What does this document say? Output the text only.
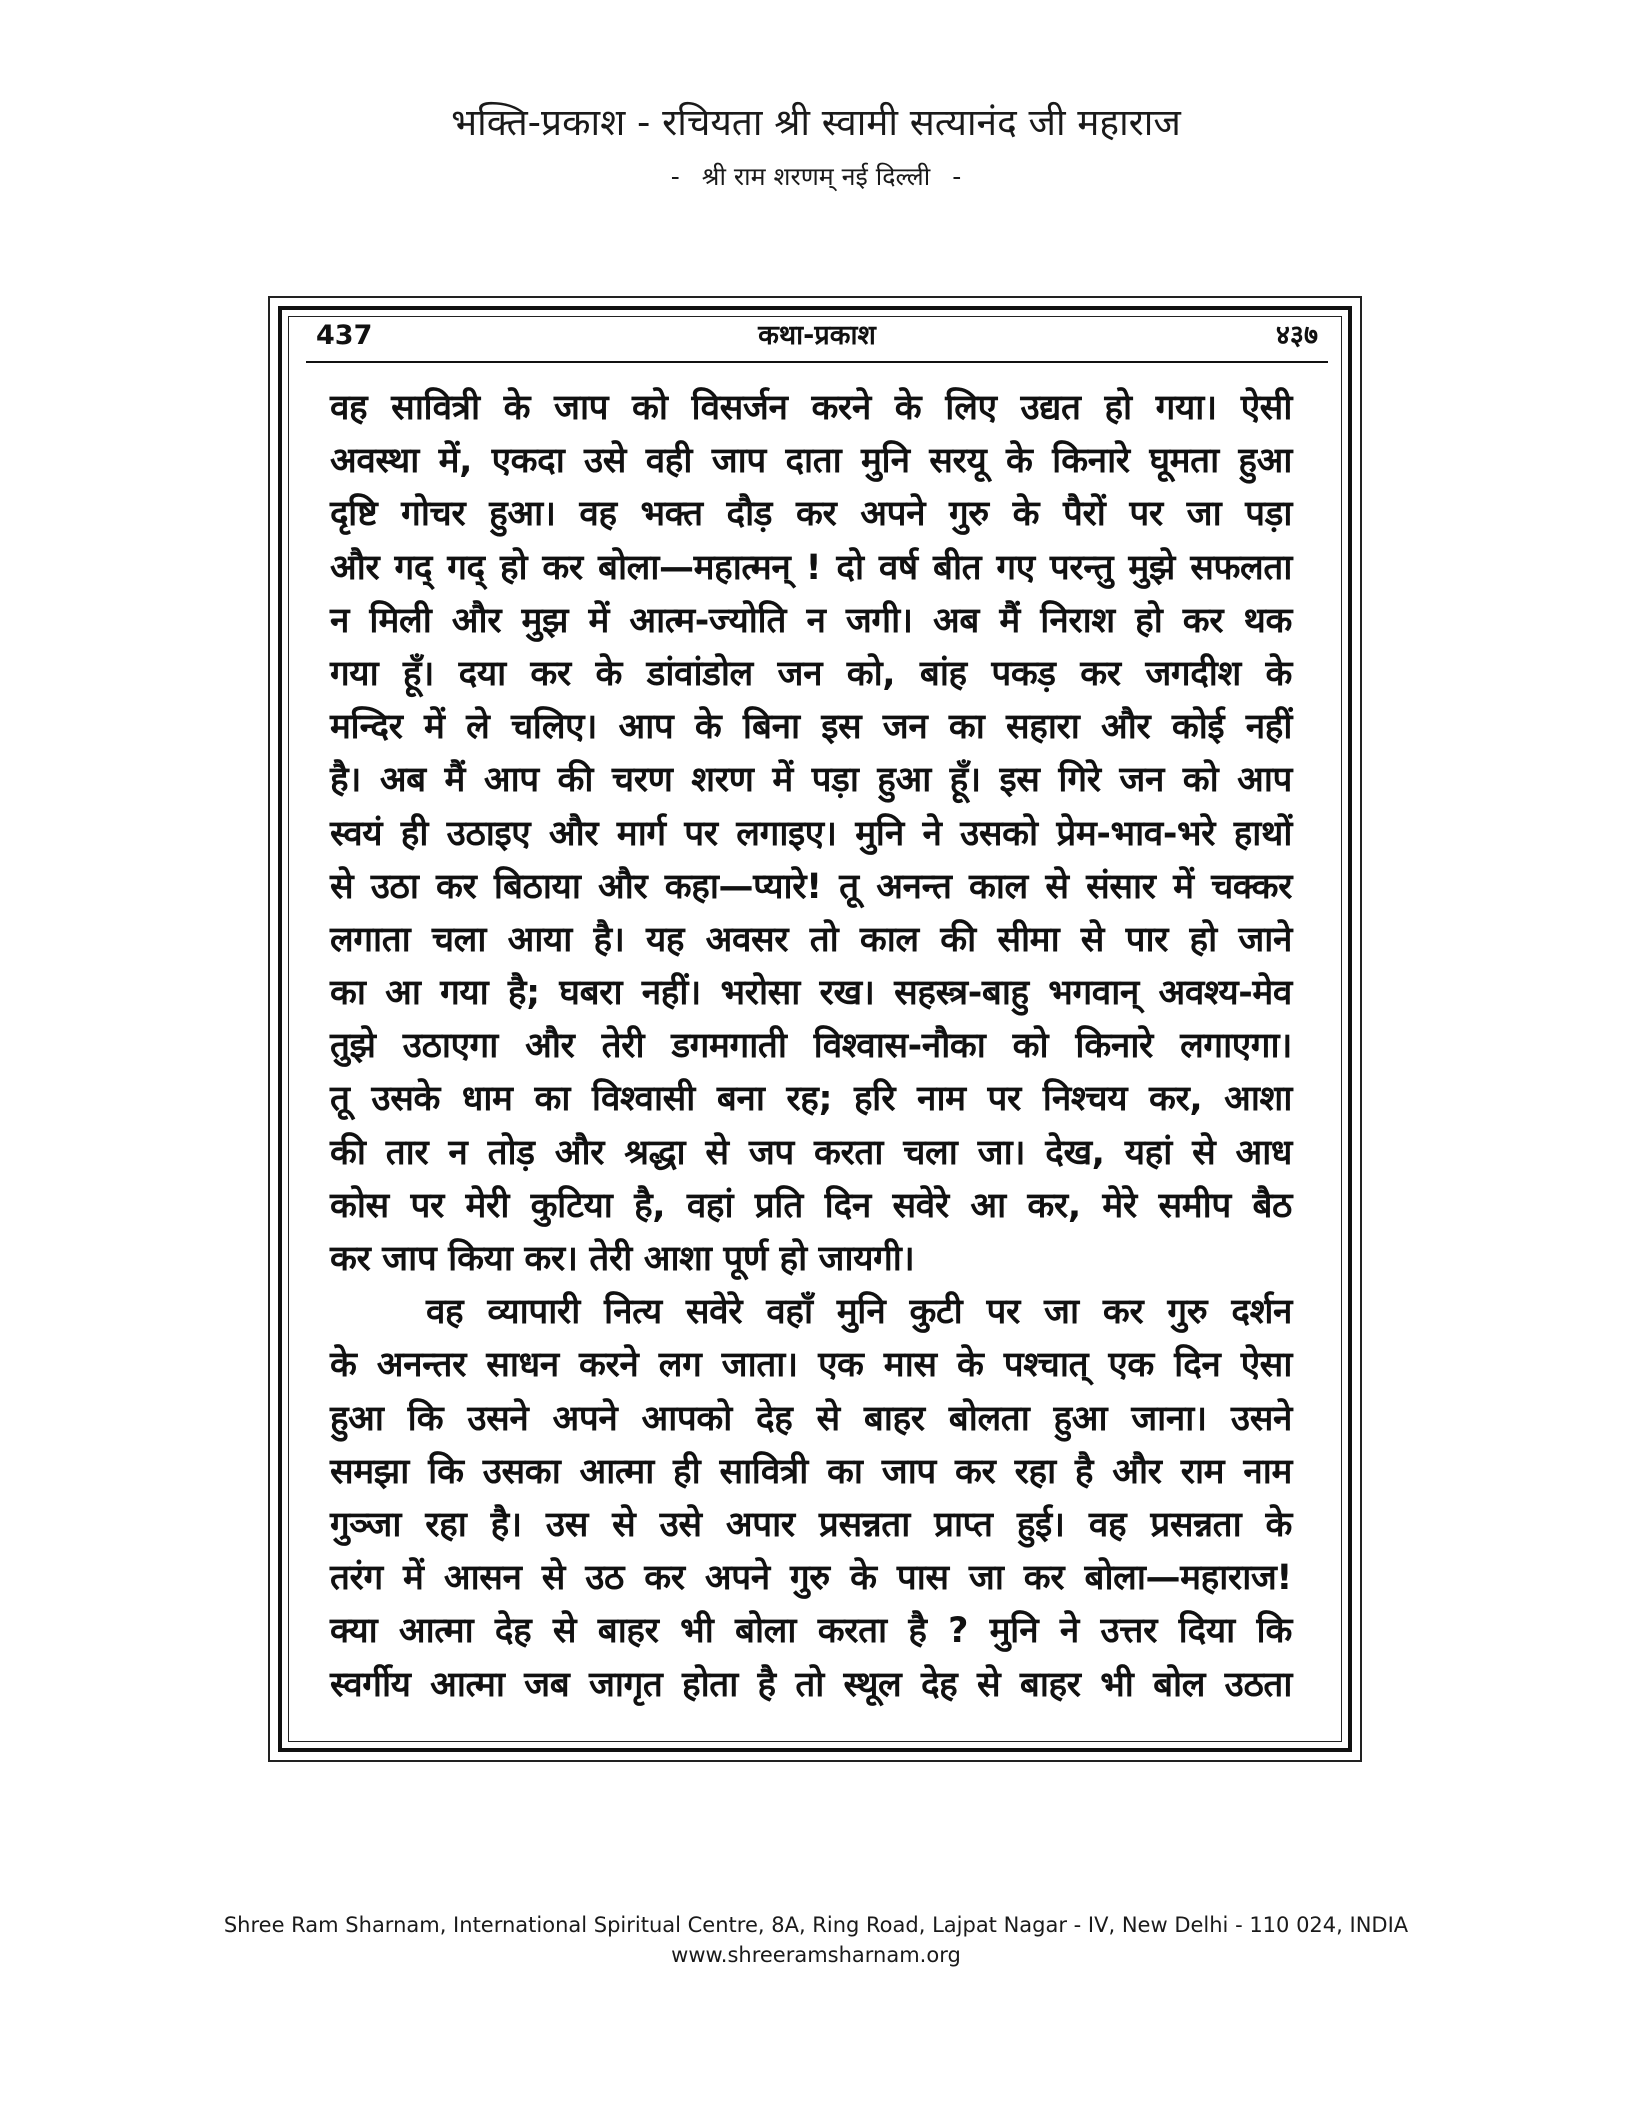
भक्ति-प्रकाश - रचियता श्री स्वामी सत्यानंद जी महाराज
- श्री राम शरणम् नई दिल्ली -
437	कथा-प्रकाश	४३७
वह सावित्री के जाप को विसर्जन करने के लिए उद्यत हो गया। ऐसी
अवस्था में, एकदा उसे वही जाप दाता मुनि सरयू के किनारे घूमता हुआ
दृष्टि गोचर हुआ। वह भक्त दौड़ कर अपने गुरु के पैरों पर जा पड़ा
और गद् गद् हो कर बोला—महात्मन् ! दो वर्ष बीत गए परन्तु मुझे सफलता
न मिली और मुझ में आत्म-ज्योति न जगी। अब मैं निराश हो कर थक
गया हूँ। दया कर के डांवांडोल जन को, बांह पकड़ कर जगदीश के
मन्दिर में ले चलिए। आप के बिना इस जन का सहारा और कोई नहीं
है। अब मैं आप की चरण शरण में पड़ा हुआ हूँ। इस गिरे जन को आप
स्वयं ही उठाइए और मार्ग पर लगाइए। मुनि ने उसको प्रेम-भाव-भरे हाथों
से उठा कर बिठाया और कहा—प्यारे! तू अनन्त काल से संसार में चक्कर
लगाता चला आया है। यह अवसर तो काल की सीमा से पार हो जाने
का आ गया है; घबरा नहीं। भरोसा रख। सहस्त्र-बाहु भगवान् अवश्य-मेव
तुझे उठाएगा और तेरी डगमगाती विश्वास-नौका को किनारे लगाएगा।
तू उसके धाम का विश्वासी बना रह; हरि नाम पर निश्चय कर, आशा
की तार न तोड़ और श्रद्धा से जप करता चला जा। देख, यहां से आध
कोस पर मेरी कुटिया है, वहां प्रति दिन सवेरे आ कर, मेरे समीप बैठ
कर जाप किया कर। तेरी आशा पूर्ण हो जायगी।
वह व्यापारी नित्य सवेरे वहाँ मुनि कुटी पर जा कर गुरु दर्शन
के अनन्तर साधन करने लग जाता। एक मास के पश्चात् एक दिन ऐसा
हुआ कि उसने अपने आपको देह से बाहर बोलता हुआ जाना। उसने
समझा कि उसका आत्मा ही सावित्री का जाप कर रहा है और राम नाम
गुञ्जा रहा है। उस से उसे अपार प्रसन्नता प्राप्त हुई। वह प्रसन्नता के
तरंग में आसन से उठ कर अपने गुरु के पास जा कर बोला—महाराज!
क्या आत्मा देह से बाहर भी बोला करता है ? मुनि ने उत्तर दिया कि
स्वर्गीय आत्मा जब जागृत होता है तो स्थूल देह से बाहर भी बोल उठता
Shree Ram Sharnam, International Spiritual Centre, 8A, Ring Road, Lajpat Nagar - IV, New Delhi - 110 024, INDIA
www.shreeramsharnam.org
